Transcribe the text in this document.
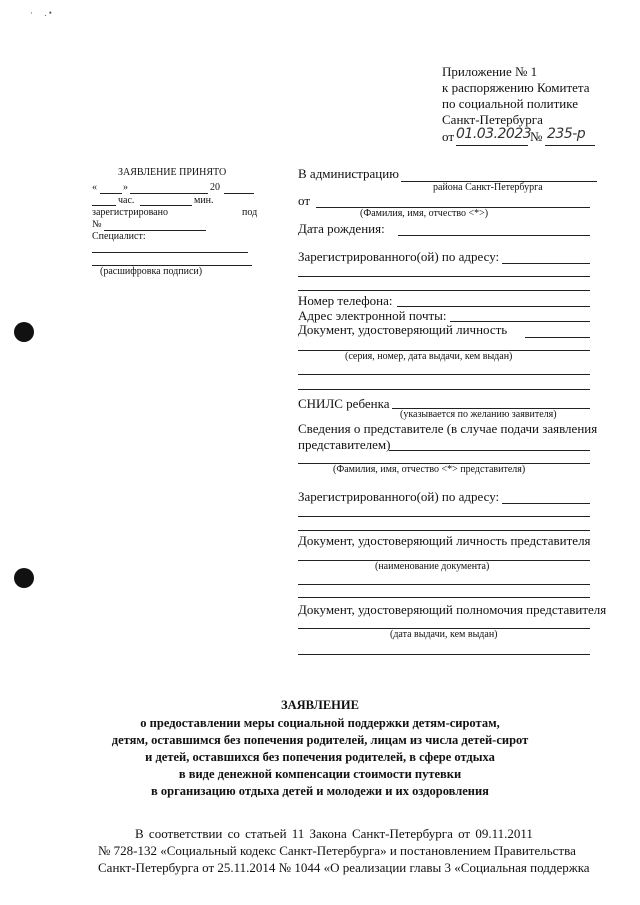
·     . •
Приложение № 1
к распоряжению Комитета
по социальной политике
Санкт-Петербурга
от 01.03.2023
№ 235-р
ЗАЯВЛЕНИЕ ПРИНЯТО
«	»	20
час.	мин.
зарегистрировано	под
№
Специалист:
(расшифровка подписи)
В администрацию
района Санкт-Петербурга
от
(Фамилия, имя, отчество <*>)
Дата рождения:
Зарегистрированного(ой) по адресу:
Номер телефона:
Адрес электронной почты:
Документ, удостоверяющий личность
(серия, номер, дата выдачи, кем выдан)
СНИЛС ребенка
(указывается по желанию заявителя)
Сведения о представителе (в случае подачи заявления
представителем)
(Фамилия, имя, отчество <*> представителя)
Зарегистрированного(ой) по адресу:
Документ, удостоверяющий личность представителя
(наименование документа)
Документ, удостоверяющий полномочия представителя
(дата выдачи, кем выдан)
ЗАЯВЛЕНИЕ
о предоставлении меры социальной поддержки детям-сиротам,
детям, оставшимся без попечения родителей, лицам из числа детей-сирот
и детей, оставшихся без попечения родителей, в сфере отдыха
в виде денежной компенсации стоимости путевки
в организацию отдыха детей и молодежи и их оздоровления
В соответствии со статьей 11 Закона Санкт-Петербурга от 09.11.2011
№ 728-132 «Социальный кодекс Санкт-Петербурга» и постановлением Правительства
Санкт-Петербурга от 25.11.2014 № 1044 «О реализации главы 3 «Социальная поддержка
